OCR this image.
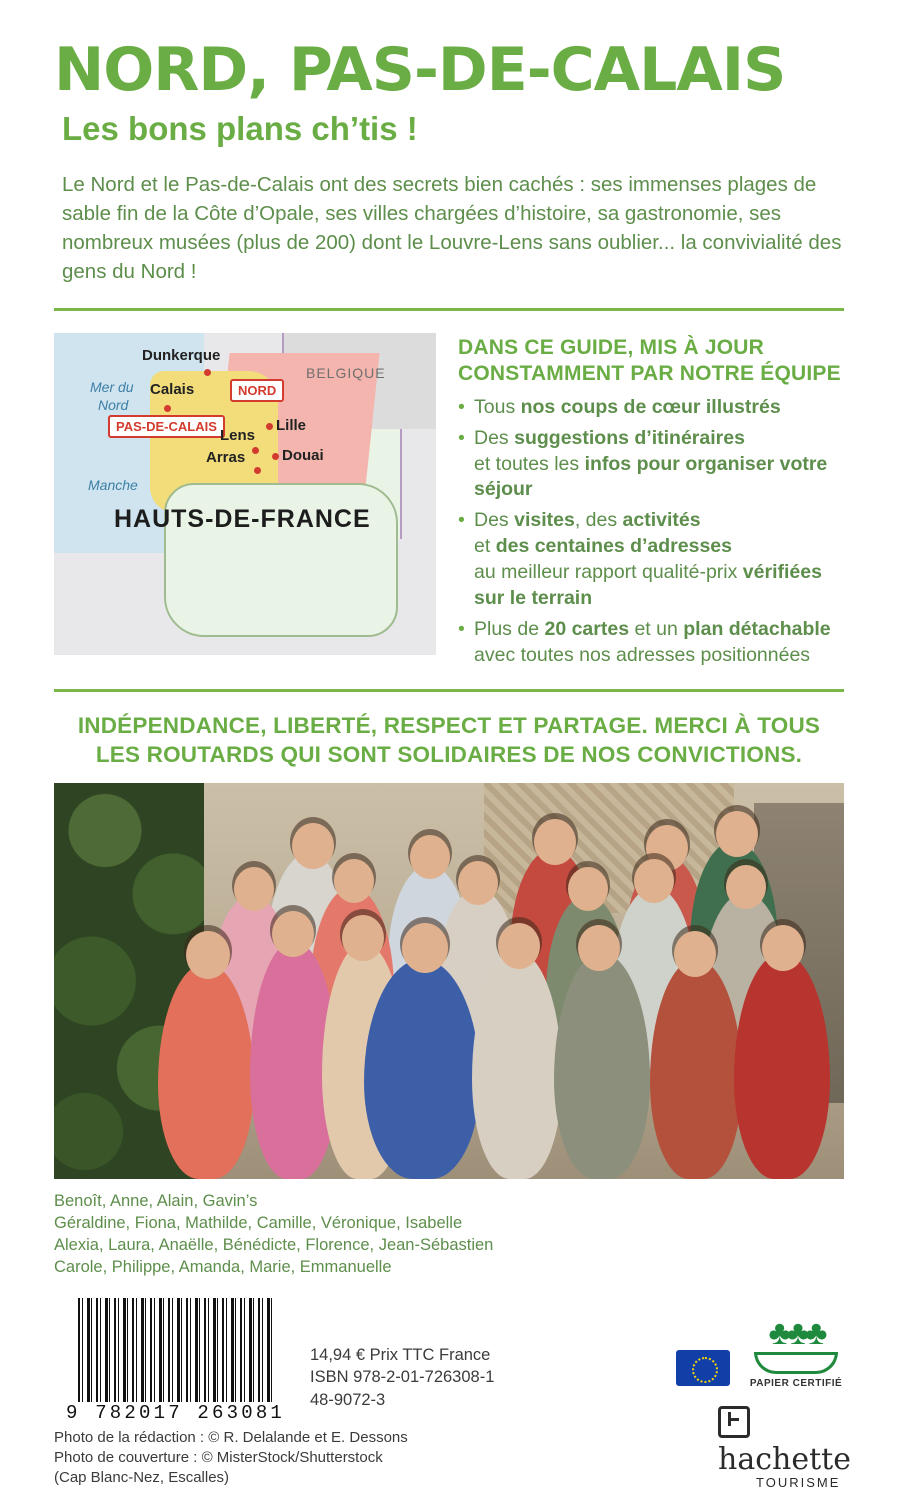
NORD, PAS-DE-CALAIS
Les bons plans ch’tis !

Le Nord et le Pas-de-Calais ont des secrets bien cachés : ses immenses plages de sable fin de la Côte d’Opale, ses villes chargées d’histoire, sa gastronomie, ses nombreux musées (plus de 200) dont le Louvre-Lens sans oublier... la convivialité des gens du Nord !

Mer du
Nord
Manche
BELGIQUE
Dunkerque
Calais	NORD
PAS-DE-CALAIS	Lille
Lens
Douai
Arras
HAUTS-DE-FRANCE
DANS CE GUIDE, MIS À JOUR
CONSTAMMENT PAR NOTRE ÉQUIPE
• Tous nos coups de cœur illustrés
• Des suggestions d’itinéraires
et toutes les infos pour organiser votre séjour
• Des visites, des activités
et des centaines d’adresses
au meilleur rapport qualité-prix vérifiées sur le terrain
• Plus de 20 cartes et un plan détachable
avec toutes nos adresses positionnées
INDÉPENDANCE, LIBERTÉ, RESPECT ET PARTAGE. MERCI À TOUS
LES ROUTARDS QUI SONT SOLIDAIRES DE NOS CONVICTIONS.
Benoît, Anne, Alain, Gavin’s
Géraldine, Fiona, Mathilde, Camille, Véronique, Isabelle
Alexia, Laura, Anaëlle, Bénédicte, Florence, Jean-Sébastien
Carole, Philippe, Amanda, Marie, Emmanuelle
9 782017 263081
14,94 € Prix TTC France
ISBN 978-2-01-726308-1
48-9072-3
Photo de la rédaction : © R. Delalande et E. Dessons
Photo de couverture : © MisterStock/Shutterstock
(Cap Blanc-Nez, Escalles)
♣♣♣
PAPIER CERTIFIÉ
hachette
TOURISME
